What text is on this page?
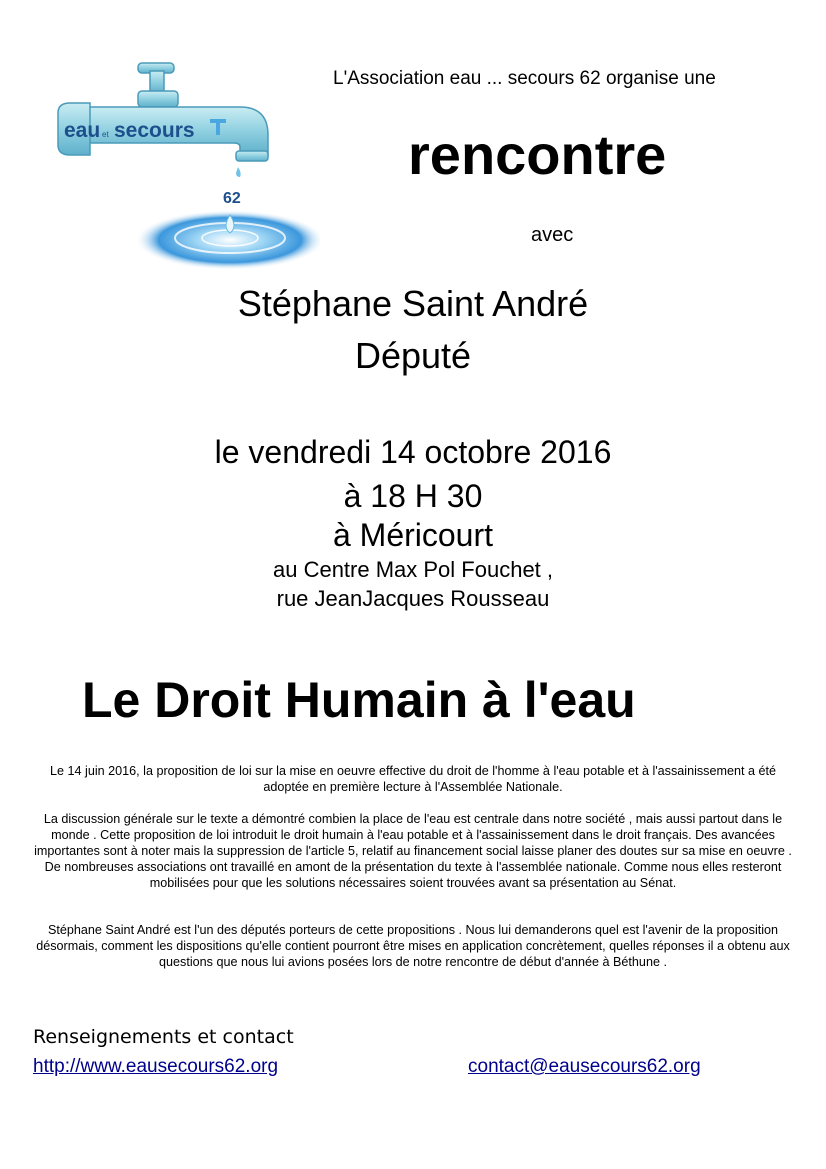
eau et secours
62
L'Association eau ... secours 62 organise une
rencontre
avec
Stéphane Saint André
Député
le vendredi 14 octobre 2016
à 18 H 30
à Méricourt
au Centre Max Pol Fouchet ,
rue JeanJacques Rousseau
Le Droit Humain à l'eau
Le 14 juin 2016, la proposition de loi sur la mise en oeuvre effective du droit de l'homme à l'eau potable et à l'assainissement a été adoptée en première lecture à l'Assemblée Nationale.
La discussion générale sur le texte a démontré combien la place de l'eau est centrale dans notre société , mais aussi partout dans le monde . Cette proposition de loi introduit le droit humain à l'eau potable et à l'assainissement dans le droit français. Des avancées importantes sont à noter mais la suppression de l'article 5, relatif au financement social laisse planer des doutes sur sa mise en oeuvre . De nombreuses associations ont travaillé en amont de la présentation du texte à l'assemblée nationale. Comme nous elles resteront mobilisées pour que les solutions nécessaires soient trouvées avant sa présentation au Sénat.
Stéphane Saint André est l'un des députés porteurs de cette propositions . Nous lui demanderons quel est l'avenir de la proposition désormais, comment les dispositions qu'elle contient pourront être mises en application concrètement, quelles réponses il a obtenu aux questions que nous lui avions posées lors de notre rencontre de début d'année à Béthune .
Renseignements et contact
http://www.eausecours62.org	contact@eausecours62.org
